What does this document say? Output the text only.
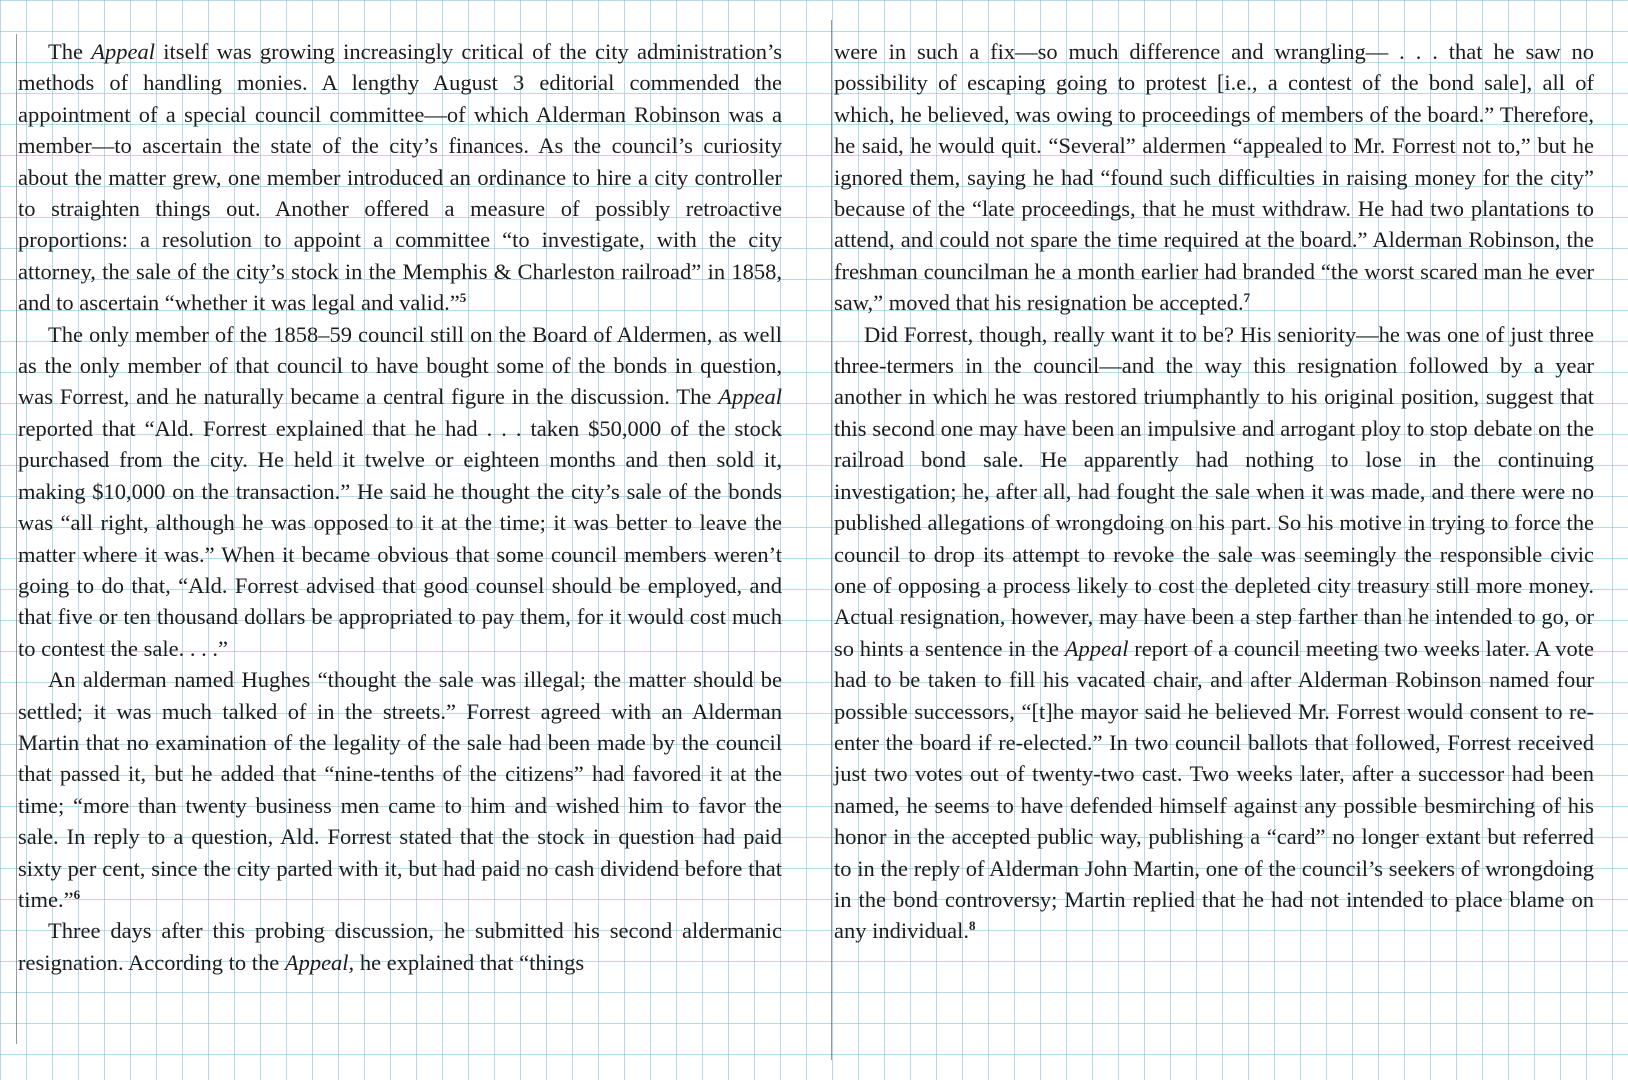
The Appeal itself was growing increasingly critical of the city administration’s methods of handling monies. A lengthy August 3 editorial commended the appointment of a special council committee—of which Alderman Robinson was a member—to ascertain the state of the city’s finances. As the council’s curiosity about the matter grew, one member introduced an ordinance to hire a city controller to straighten things out. Another offered a measure of possibly retroactive proportions: a resolution to appoint a committee “to investigate, with the city attorney, the sale of the city’s stock in the Memphis & Charleston railroad” in 1858, and to ascertain “whether it was legal and valid.”$^5$

The only member of the 1858–59 council still on the Board of Aldermen, as well as the only member of that council to have bought some of the bonds in question, was Forrest, and he naturally became a central figure in the discussion. The Appeal reported that “Ald. Forrest explained that he had . . . taken $50,000 of the stock purchased from the city. He held it twelve or eighteen months and then sold it, making $10,000 on the transaction.” He said he thought the city’s sale of the bonds was “all right, although he was opposed to it at the time; it was better to leave the matter where it was.” When it became obvious that some council members weren’t going to do that, “Ald. Forrest advised that good counsel should be employed, and that five or ten thousand dollars be appropriated to pay them, for it would cost much to contest the sale. . . .”

An alderman named Hughes “thought the sale was illegal; the matter should be settled; it was much talked of in the streets.” Forrest agreed with an Alderman Martin that no examination of the legality of the sale had been made by the council that passed it, but he added that “nine-tenths of the citizens” had favored it at the time; “more than twenty business men came to him and wished him to favor the sale. In reply to a question, Ald. Forrest stated that the stock in question had paid sixty per cent, since the city parted with it, but had paid no cash dividend before that time.”$^6$

Three days after this probing discussion, he submitted his second aldermanic resignation. According to the Appeal, he explained that “things

were in such a fix—so much difference and wrangling— . . . that he saw no possibility of escaping going to protest [i.e., a contest of the bond sale], all of which, he believed, was owing to proceedings of members of the board.” Therefore, he said, he would quit. “Several” aldermen “appealed to Mr. Forrest not to,” but he ignored them, saying he had “found such difficulties in raising money for the city” because of the “late proceedings, that he must withdraw. He had two plantations to attend, and could not spare the time required at the board.” Alderman Robinson, the freshman councilman he a month earlier had branded “the worst scared man he ever saw,” moved that his resignation be accepted.$^7$

Did Forrest, though, really want it to be? His seniority—he was one of just three three-termers in the council—and the way this resignation followed by a year another in which he was restored triumphantly to his original position, suggest that this second one may have been an impulsive and arrogant ploy to stop debate on the railroad bond sale. He apparently had nothing to lose in the continuing investigation; he, after all, had fought the sale when it was made, and there were no published allegations of wrongdoing on his part. So his motive in trying to force the council to drop its attempt to revoke the sale was seemingly the responsible civic one of opposing a process likely to cost the depleted city treasury still more money. Actual resignation, however, may have been a step farther than he intended to go, or so hints a sentence in the Appeal report of a council meeting two weeks later. A vote had to be taken to fill his vacated chair, and after Alderman Robinson named four possible successors, “[t]he mayor said he believed Mr. Forrest would consent to re-enter the board if re-elected.” In two council ballots that followed, Forrest received just two votes out of twenty-two cast. Two weeks later, after a successor had been named, he seems to have defended himself against any possible besmirching of his honor in the accepted public way, publishing a “card” no longer extant but referred to in the reply of Alderman John Martin, one of the council’s seekers of wrongdoing in the bond controversy; Martin replied that he had not intended to place blame on any individual.$^8$
